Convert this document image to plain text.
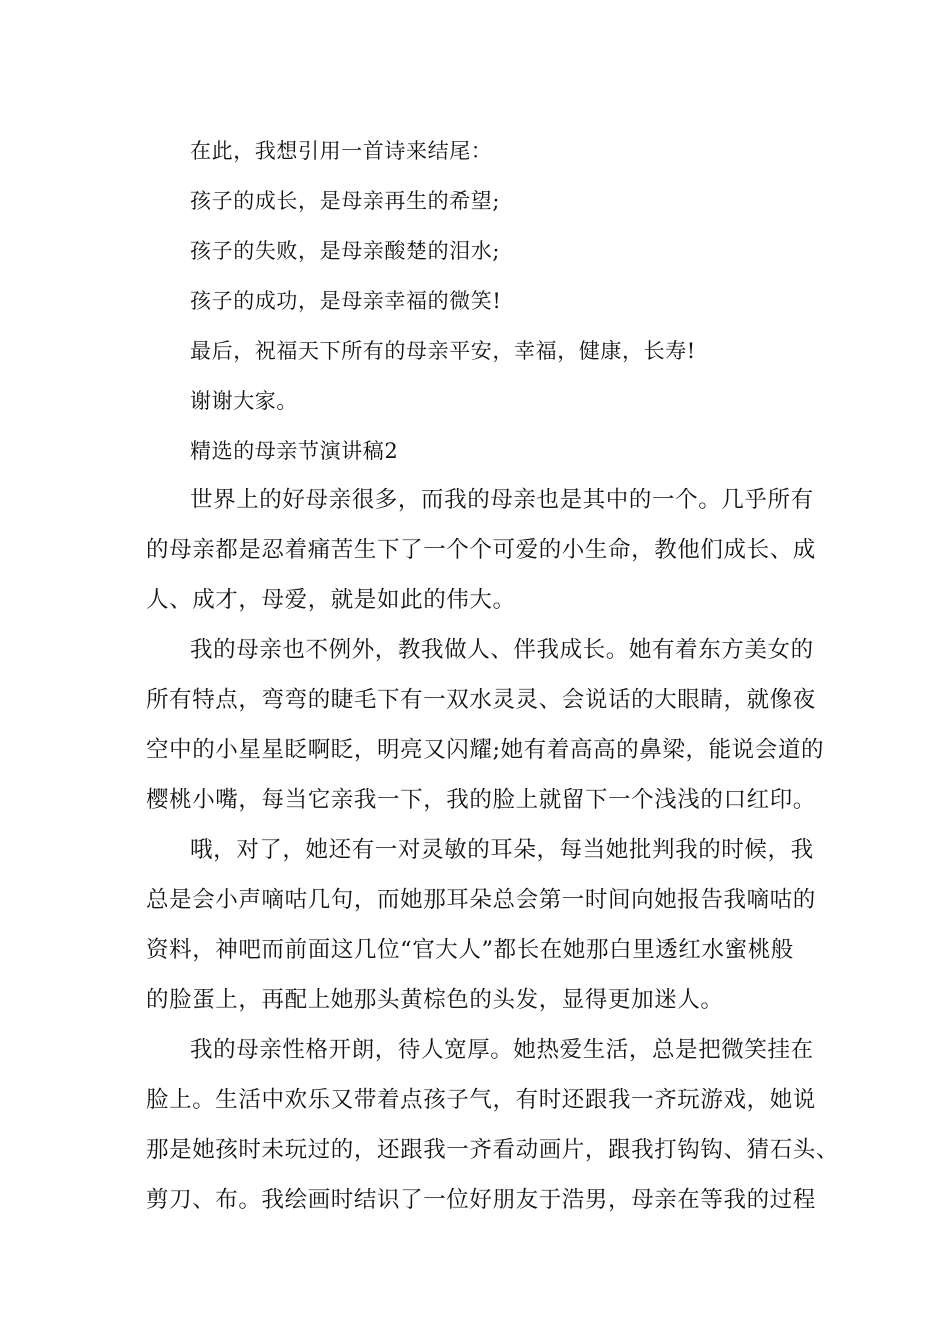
在此，我想引用一首诗来结尾：
孩子的成长，是母亲再生的希望;
孩子的失败，是母亲酸楚的泪水;
孩子的成功，是母亲幸福的微笑!
最后，祝福天下所有的母亲平安，幸福，健康，长寿!
谢谢大家。
精选的母亲节演讲稿2
世界上的好母亲很多，而我的母亲也是其中的一个。几乎所有
的母亲都是忍着痛苦生下了一个个可爱的小生命，教他们成长、成
人、成才，母爱，就是如此的伟大。
我的母亲也不例外，教我做人、伴我成长。她有着东方美女的
所有特点，弯弯的睫毛下有一双水灵灵、会说话的大眼睛，就像夜
空中的小星星眨啊眨，明亮又闪耀;她有着高高的鼻梁，能说会道的
樱桃小嘴，每当它亲我一下，我的脸上就留下一个浅浅的口红印。
哦，对了，她还有一对灵敏的耳朵，每当她批判我的时候，我
总是会小声嘀咕几句，而她那耳朵总会第一时间向她报告我嘀咕的
资料，神吧而前面这几位“官大人”都长在她那白里透红水蜜桃般
的脸蛋上，再配上她那头黄棕色的头发，显得更加迷人。
我的母亲性格开朗，待人宽厚。她热爱生活，总是把微笑挂在
脸上。生活中欢乐又带着点孩子气，有时还跟我一齐玩游戏，她说
那是她孩时未玩过的，还跟我一齐看动画片，跟我打钩钩、猜石头、
剪刀、布。我绘画时结识了一位好朋友于浩男，母亲在等我的过程
